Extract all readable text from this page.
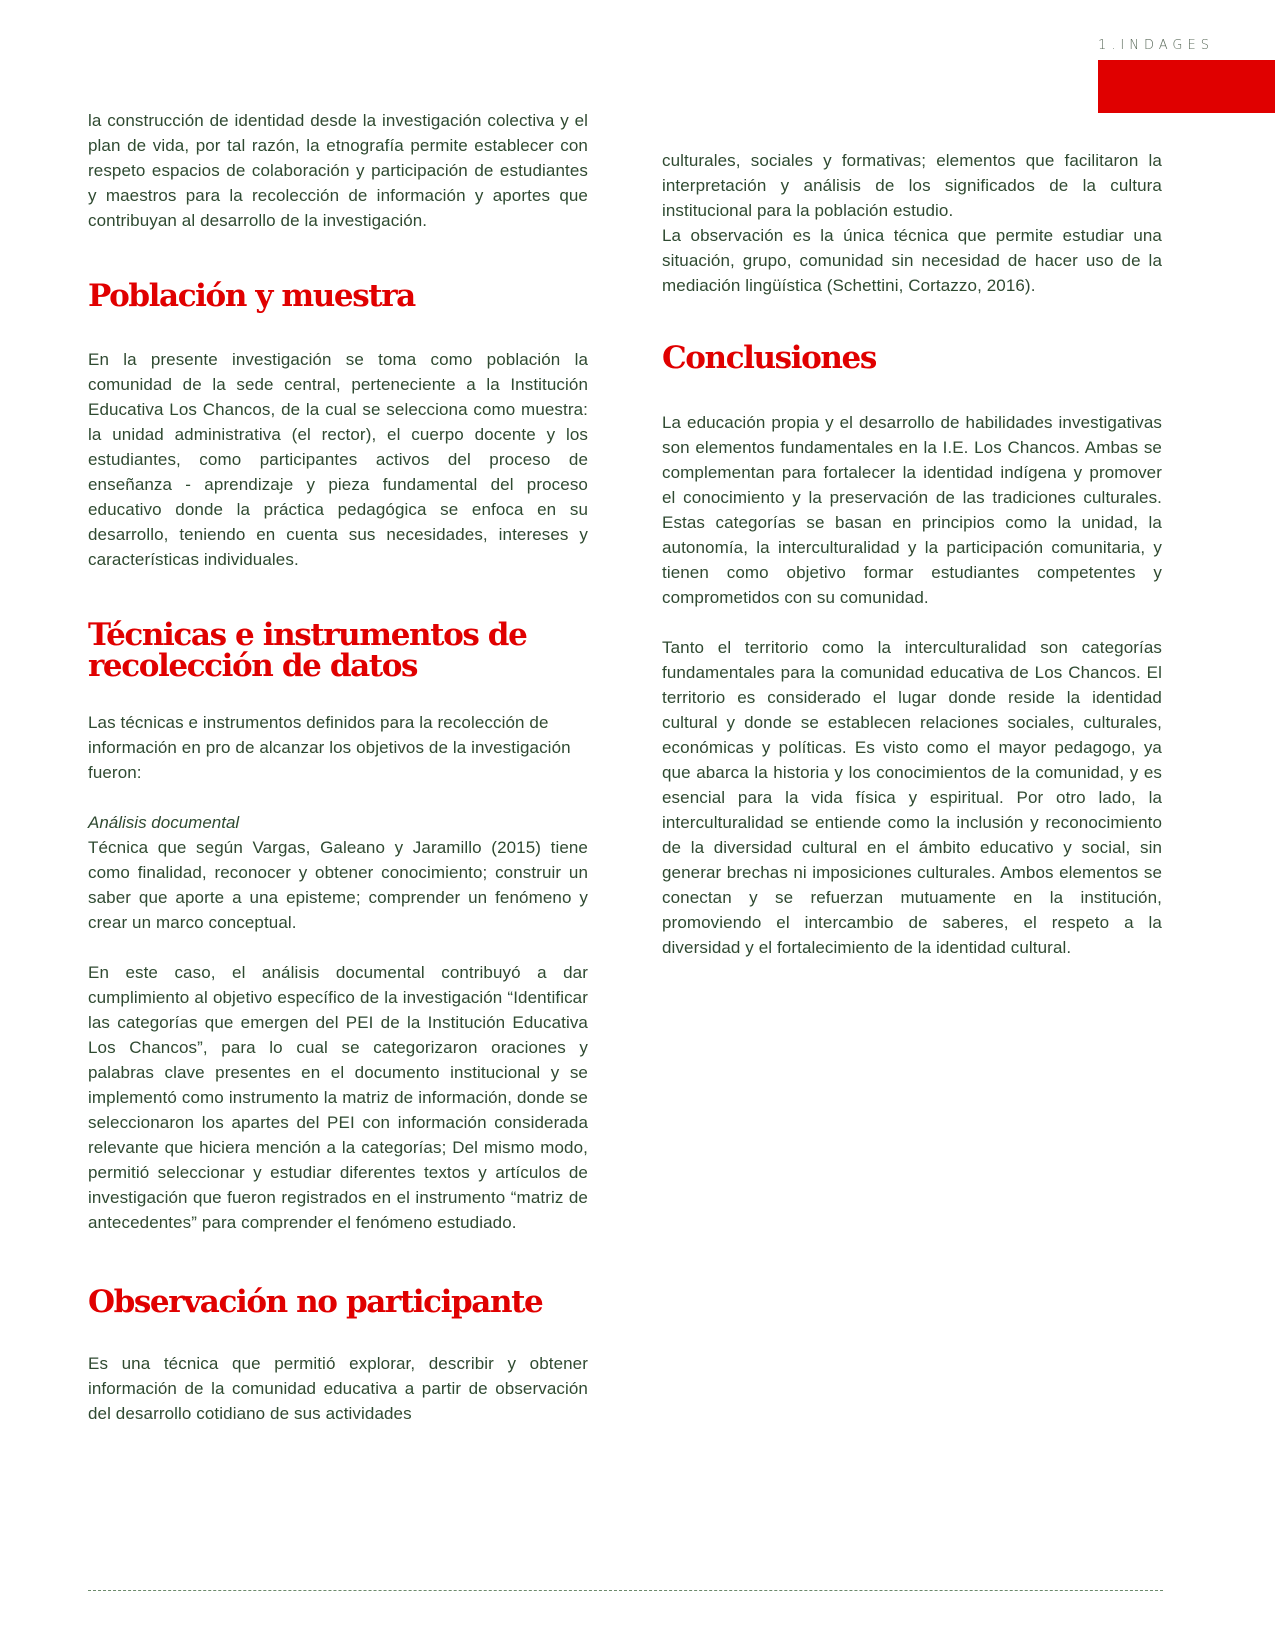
1.INDAGES

la construcción de identidad desde la investigación colectiva y el plan de vida, por tal razón, la etnografía permite establecer con respeto espacios de colaboración y participación de estudiantes y maestros para la recolección de información y aportes que contribuyan al desarrollo de la investigación.

Población y muestra

En la presente investigación se toma como población la comunidad de la sede central, perteneciente a la Institución Educativa Los Chancos, de la cual se selecciona como muestra: la unidad administrativa (el rector), el cuerpo docente y los estudiantes, como participantes activos del proceso de enseñanza - aprendizaje y pieza fundamental del proceso educativo donde la práctica pedagógica se enfoca en su desarrollo, teniendo en cuenta sus necesidades, intereses y características individuales.

Técnicas e instrumentos de recolección de datos

Las técnicas e instrumentos definidos para la recolección de información en pro de alcanzar los objetivos de la investigación fueron:

Análisis documental

Técnica que según Vargas, Galeano y Jaramillo (2015) tiene como finalidad, reconocer y obtener conocimiento; construir un saber que aporte a una episteme; comprender un fenómeno y crear un marco conceptual.

En este caso, el análisis documental contribuyó a dar cumplimiento al objetivo específico de la investigación “Identificar las categorías que emergen del PEI de la Institución Educativa Los Chancos”, para lo cual se categorizaron oraciones y palabras clave presentes en el documento institucional y se implementó como instrumento la matriz de información, donde se seleccionaron los apartes del PEI con información considerada relevante que hiciera mención a la categorías; Del mismo modo, permitió seleccionar y estudiar diferentes textos y artículos de investigación que fueron registrados en el instrumento “matriz de antecedentes” para comprender el fenómeno estudiado.

Observación no participante

Es una técnica que permitió explorar, describir y obtener información de la comunidad educativa a partir de observación del desarrollo cotidiano de sus actividades

culturales, sociales y formativas; elementos que facilitaron la interpretación y análisis de los significados de la cultura institucional para la población estudio.

La observación es la única técnica que permite estudiar una situación, grupo, comunidad sin necesidad de hacer uso de la mediación lingüística (Schettini, Cortazzo, 2016).

Conclusiones

La educación propia y el desarrollo de habilidades investigativas son elementos fundamentales en la I.E. Los Chancos. Ambas se complementan para fortalecer la identidad indígena y promover el conocimiento y la preservación de las tradiciones culturales. Estas categorías se basan en principios como la unidad, la autonomía, la interculturalidad y la participación comunitaria, y tienen como objetivo formar estudiantes competentes y comprometidos con su comunidad.

Tanto el territorio como la interculturalidad son categorías fundamentales para la comunidad educativa de Los Chancos. El territorio es considerado el lugar donde reside la identidad cultural y donde se establecen relaciones sociales, culturales, económicas y políticas. Es visto como el mayor pedagogo, ya que abarca la historia y los conocimientos de la comunidad, y es esencial para la vida física y espiritual. Por otro lado, la interculturalidad se entiende como la inclusión y reconocimiento de la diversidad cultural en el ámbito educativo y social, sin generar brechas ni imposiciones culturales. Ambos elementos se conectan y se refuerzan mutuamente en la institución, promoviendo el intercambio de saberes, el respeto a la diversidad y el fortalecimiento de la identidad cultural.
